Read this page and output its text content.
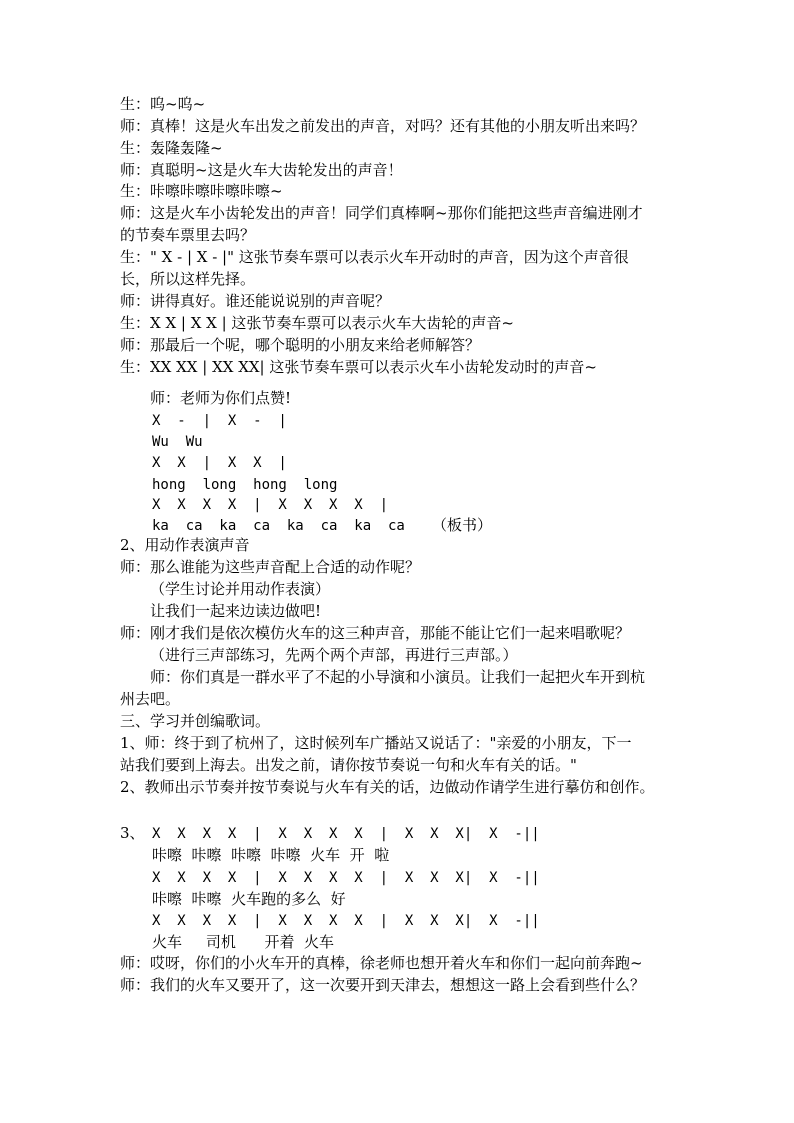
生：呜~呜~

师：真棒！这是火车出发之前发出的声音，对吗？还有其他的小朋友听出来吗？

生：轰隆轰隆~

师：真聪明~这是火车大齿轮发出的声音！

生：咔嚓咔嚓咔嚓咔嚓~

师：这是火车小齿轮发出的声音！同学们真棒啊~那你们能把这些声音编进刚才

的节奏车票里去吗？

生：" X - | X - |" 这张节奏车票可以表示火车开动时的声音，因为这个声音很

长，所以这样先择。

师：讲得真好。谁还能说说别的声音呢？

生：X X | X X | 这张节奏车票可以表示火车大齿轮的声音~

师：那最后一个呢，哪个聪明的小朋友来给老师解答？

生：XX XX | XX XX| 这张节奏车票可以表示火车小齿轮发动时的声音~

师：老师为你们点赞!

X  -  |  X  -  |

Wu  Wu

X  X  |  X  X  |

hong  long  hong  long

X  X  X  X  |  X  X  X  X  |

ka  ca  ka  ca  ka  ca  ka  ca （板书）

2、用动作表演声音

师：那么谁能为这些声音配上合适的动作呢？

（学生讨论并用动作表演）

让我们一起来边读边做吧!

师：刚才我们是依次模仿火车的这三种声音，那能不能让它们一起来唱歌呢？

（进行三声部练习，先两个两个声部，再进行三声部。）

师：你们真是一群水平了不起的小导演和小演员。让我们一起把火车开到杭

州去吧。

三、学习并创编歌词。

1、师：终于到了杭州了，这时候列车广播站又说话了："亲爱的小朋友，下一

站我们要到上海去。出发之前，请你按节奏说一句和火车有关的话。"

2、教师出示节奏并按节奏说与火车有关的话，边做动作请学生进行摹仿和创作。

3、 X  X  X  X  |  X  X  X  X  |  X  X  X|  X  -||

咔嚓  咔嚓  咔嚓  咔嚓  火车  开  啦

X  X  X  X  |  X  X  X  X  |  X  X  X|  X  -||

咔嚓  咔嚓  火车跑的多么  好

X  X  X  X  |  X  X  X  X  |  X  X  X|  X  -||

火车     司机      开着  火车

师：哎呀，你们的小火车开的真棒，徐老师也想开着火车和你们一起向前奔跑~

师：我们的火车又要开了，这一次要开到天津去，想想这一路上会看到些什么？
